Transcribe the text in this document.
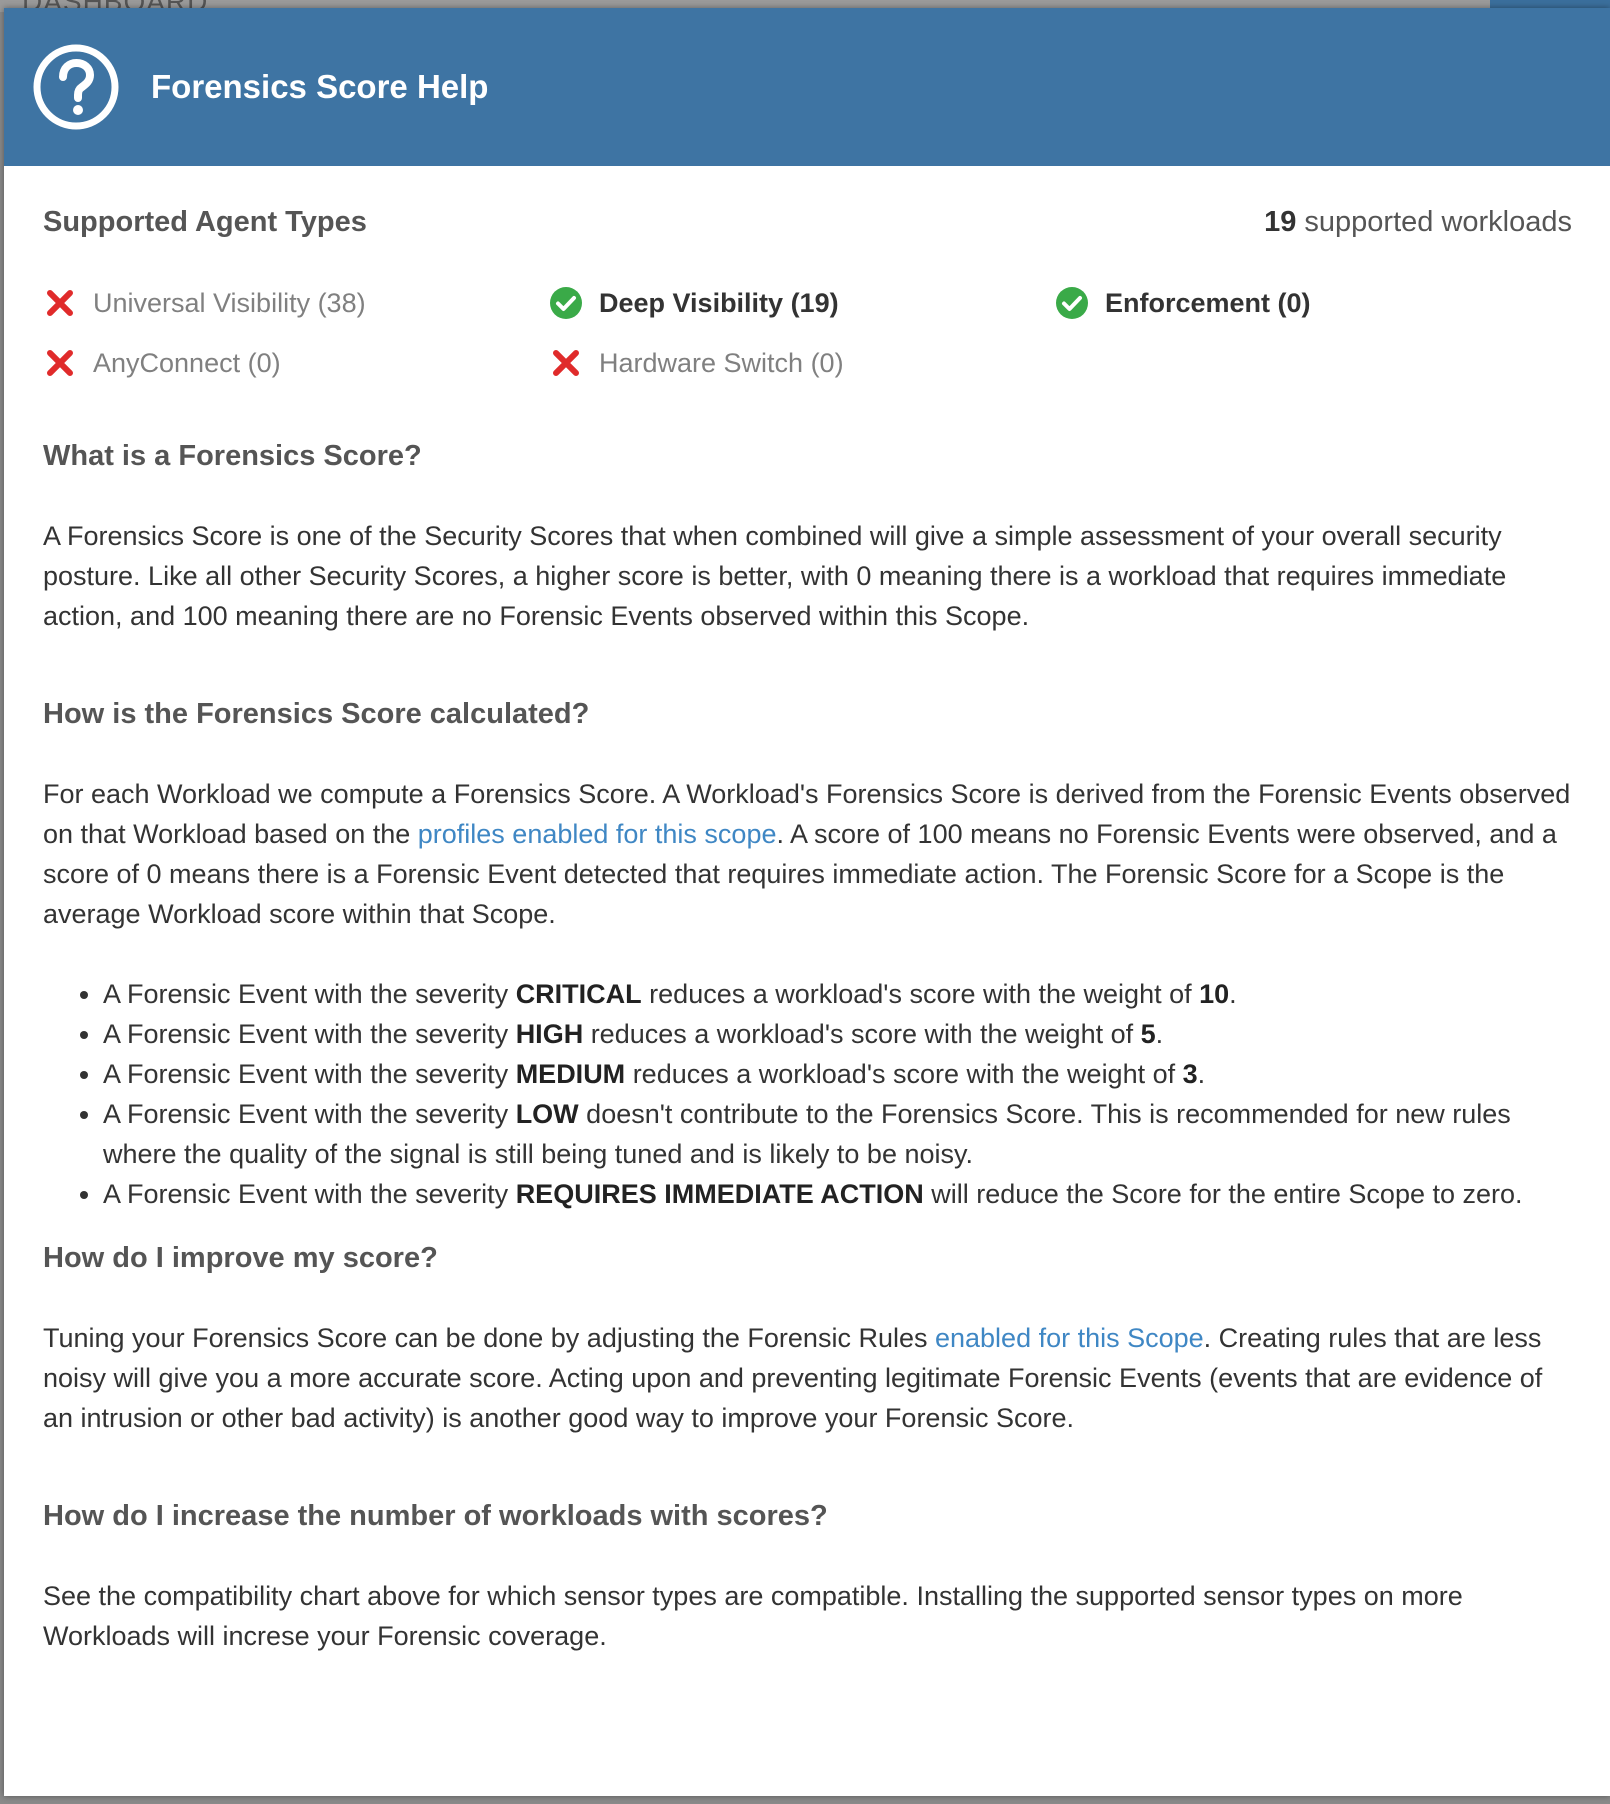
Forensics Score Help
Supported Agent Types	19 supported workloads
Universal Visibility (38)	Deep Visibility (19)	Enforcement (0)
AnyConnect (0)	Hardware Switch (0)
What is a Forensics Score?

A Forensics Score is one of the Security Scores that when combined will give a simple assessment of your overall security posture. Like all other Security Scores, a higher score is better, with 0 meaning there is a workload that requires immediate action, and 100 meaning there are no Forensic Events observed within this Scope.

How is the Forensics Score calculated?

For each Workload we compute a Forensics Score. A Workload's Forensics Score is derived from the Forensic Events observed on that Workload based on the profiles enabled for this scope. A score of 100 means no Forensic Events were observed, and a score of 0 means there is a Forensic Event detected that requires immediate action. The Forensic Score for a Scope is the average Workload score within that Scope.

• A Forensic Event with the severity CRITICAL reduces a workload's score with the weight of 10.
• A Forensic Event with the severity HIGH reduces a workload's score with the weight of 5.
• A Forensic Event with the severity MEDIUM reduces a workload's score with the weight of 3.
• A Forensic Event with the severity LOW doesn't contribute to the Forensics Score. This is recommended for new rules where the quality of the signal is still being tuned and is likely to be noisy.
• A Forensic Event with the severity REQUIRES IMMEDIATE ACTION will reduce the Score for the entire Scope to zero.
How do I improve my score?

Tuning your Forensics Score can be done by adjusting the Forensic Rules enabled for this Scope. Creating rules that are less noisy will give you a more accurate score. Acting upon and preventing legitimate Forensic Events (events that are evidence of an intrusion or other bad activity) is another good way to improve your Forensic Score.

How do I increase the number of workloads with scores?

See the compatibility chart above for which sensor types are compatible. Installing the supported sensor types on more Workloads will increse your Forensic coverage.
